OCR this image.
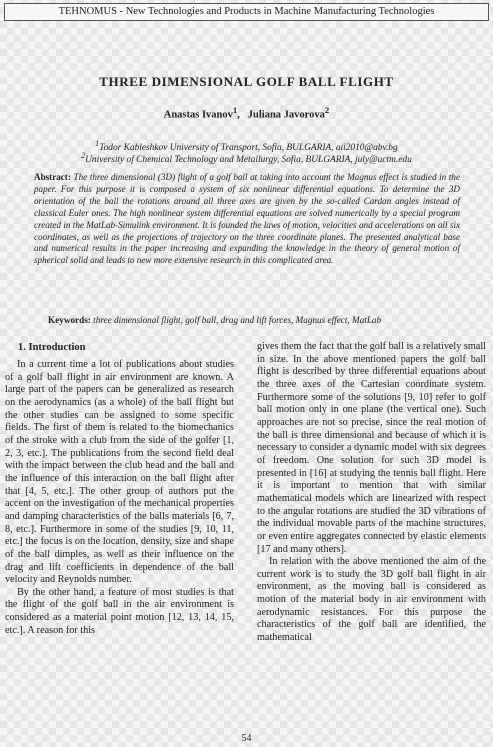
TEHNOMUS - New Technologies and Products in Machine Manufacturing Technologies
THREE DIMENSIONAL GOLF BALL FLIGHT
Anastas Ivanov$^1$, Juliana Javorova$^2$
$^1$Todor Kableshkov University of Transport, Sofia, BULGARIA, aii2010@abv.bg
$^2$University of Chemical Technology and Metallurgy, Sofia, BULGARIA, july@uctm.edu
Abstract: The three dimensional (3D) flight of a golf ball at taking into account the Magnus effect is studied in the paper. For this purpose it is composed a system of six nonlinear differential equations. To determine the 3D orientation of the ball the rotations around all three axes are given by the so-called Cardan angles instead of classical Euler ones. The high nonlinear system differential equations are solved numerically by a special program created in the MatLab-Simulink environment. It is founded the laws of motion, velocities and accelerations on all six coordinates, as well as the projections of trajectory on the three coordinate planes. The presented analytical base and numerical results in the paper increasing and expanding the knowledge in the theory of general motion of spherical solid and leads to new more extensive research in this complicated area.
Keywords: three dimensional flight, golf ball, drag and lift forces, Magnus effect, MatLab
1. Introduction

In a current time a lot of publications about studies of a golf ball flight in air environment are known. A large part of the papers can be generalized as research on the aerodynamics (as a whole) of the ball flight but the other studies can be assigned to some specific fields. The first of them is related to the biomechanics of the stroke with a club from the side of the golfer [1, 2, 3, etc.]. The publications from the second field deal with the impact between the club head and the ball and the influence of this interaction on the ball flight after that [4, 5, etc.]. The other group of authors put the accent on the investigation of the mechanical properties and damping characteristics of the balls materials [6, 7, 8, etc.]. Furthermore in some of the studies [9, 10, 11, etc.] the focus is on the location, density, size and shape of the ball dimples, as well as their influence on the drag and lift coefficients in dependence of the ball velocity and Reynolds number.

By the other hand, a feature of most studies is that the flight of the golf ball in the air environment is considered as a material point motion [12, 13, 14, 15, etc.]. A reason for this

gives them the fact that the golf ball is a relatively small in size. In the above mentioned papers the golf ball flight is described by three differential equations about the three axes of the Cartesian coordinate system. Furthermore some of the solutions [9, 10] refer to golf ball motion only in one plane (the vertical one). Such approaches are not so precise, since the real motion of the ball is three dimensional and because of which it is necessary to consider a dynamic model with six degrees of freedom. One solution for such 3D model is presented in [16] at studying the tennis ball flight. Here it is important to mention that with similar mathematical models which are linearized with respect to the angular rotations are studied the 3D vibrations of the individual movable parts of the machine structures, or even entire aggregates connected by elastic elements [17 and many others].

In relation with the above mentioned the aim of the current work is to study the 3D golf ball flight in air environment, as the moving ball is considered as motion of the material body in air environment with aerodynamic resistances. For this purpose the characteristics of the golf ball are identified, the mathematical

54
